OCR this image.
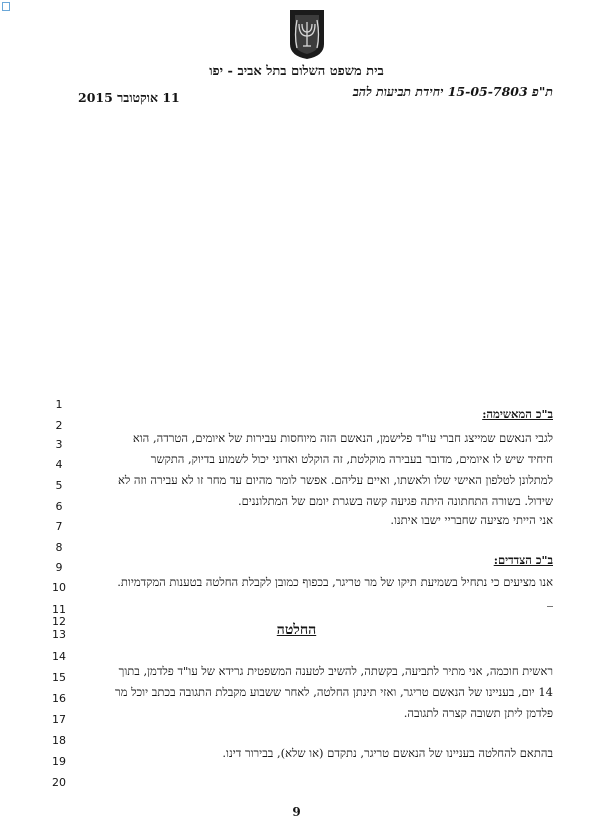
בית משפט השלום בתל אביב - יפו
ת"פ 15-05-7803 יחידת תביעות להב
11 אוקטובר 2015
1
2
3
4
5
6
7
8
9
10
11
12
13
14
15
16
17
18
19
20
ב"כ המאשימה:
לגבי הנאשם שמייצג חברי עו"ד פלישמן, הנאשם הזה מיוחסות עבירות של איומים, הטרדה, הוא
חיחיד שיש לו איומים, מדובר בעבירה מוקלטת, זה הוקלט ואדוני יכול לשמוע בדיוק, התקשר
למתלונן לטלפון האישי שלו ולאשתו, ואיים עליהם. אפשר לומר מהיום עד מחר זו לא עבירה וזה לא
שידול. בשורה התחתונה היתה פגיעה קשה בשגרת יומם של המתלוננים.
אני הייתי מציעה שחבריי ישבו איתנו.
ב"כ הצדדים:
אנו מציעים כי נתחיל בשמיעת תיקו של מר טריגר, בכפוף כמובן לקבלת החלטה בטענות המקדמיות.
החלטה
ראשית חוכמה, אני מתיר לתביעה, בקשתה, להשיב לטענה המשפטית גרידא של עו"ד פלדמן, בתוך
14 יום, בעניינו של הנאשם טריגר, ואזי תינתן החלטה, לאחר ששבוע מקבלת התגובה בכתב יוכל מר
פלדמן ליתן תשובה קצרה לתגובה.
בהתאם להחלטה בעניינו של הנאשם טריגר, נתקדם (או שלא), בבירור דינו.
9
